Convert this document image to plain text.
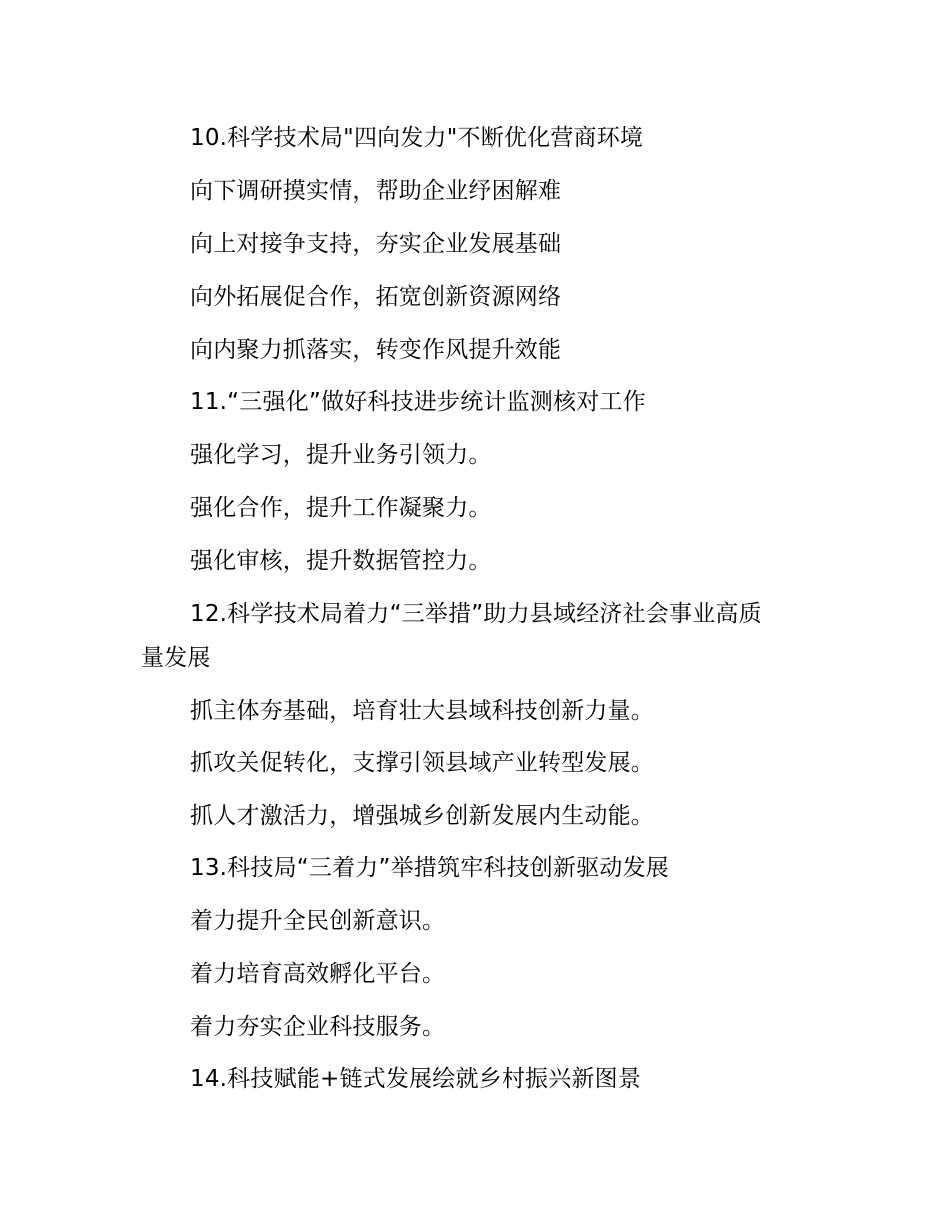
10.科学技术局"四向发力"不断优化营商环境
向下调研摸实情，帮助企业纾困解难
向上对接争支持，夯实企业发展基础
向外拓展促合作，拓宽创新资源网络
向内聚力抓落实，转变作风提升效能
11.“三强化”做好科技进步统计监测核对工作
强化学习，提升业务引领力。
强化合作，提升工作凝聚力。
强化审核，提升数据管控力。
12.科学技术局着力“三举措”助力县域经济社会事业高质
量发展
抓主体夯基础，培育壮大县域科技创新力量。
抓攻关促转化，支撑引领县域产业转型发展。
抓人才激活力，增强城乡创新发展内生动能。
13.科技局“三着力”举措筑牢科技创新驱动发展
着力提升全民创新意识。
着力培育高效孵化平台。
着力夯实企业科技服务。
14.科技赋能+链式发展绘就乡村振兴新图景
